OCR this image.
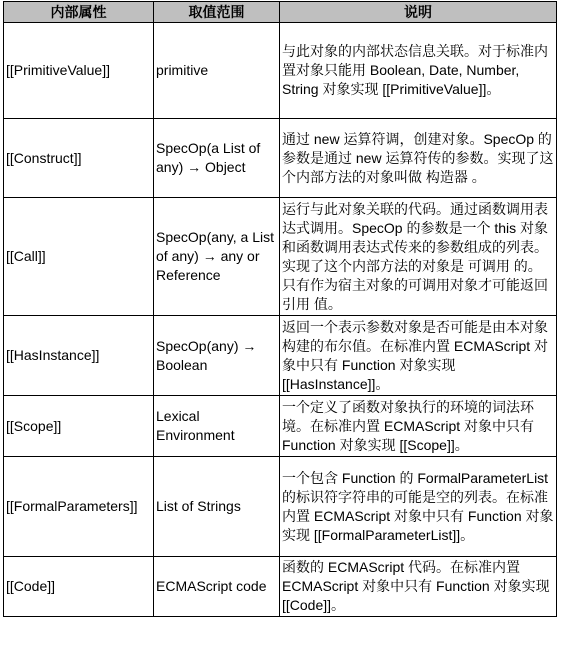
内部属性	取值范围	说明
[[PrimitiveValue]]	primitive	与此对象的内部状态信息关联。对于标准内置对象只能用 Boolean, Date, Number, String 对象实现 [[PrimitiveValue]]。
[[Construct]]	SpecOp(a List of any) → Object	通过 new 运算符调，创建对象。SpecOp 的参数是通过 new 运算符传的参数。实现了这个内部方法的对象叫做 构造器 。
[[Call]]	SpecOp(any, a List of any) → any or Reference	运行与此对象关联的代码。通过函数调用表达式调用。SpecOp 的参数是一个 this 对象和函数调用表达式传来的参数组成的列表。实现了这个内部方法的对象是 可调用 的。只有作为宿主对象的可调用对象才可能返回 引用 值。
[[HasInstance]]	SpecOp(any) → Boolean	返回一个表示参数对象是否可能是由本对象构建的布尔值。在标准内置 ECMAScript 对象中只有 Function 对象实现 [[HasInstance]]。
[[Scope]]	Lexical Environment	一个定义了函数对象执行的环境的词法环境。在标准内置 ECMAScript 对象中只有 Function 对象实现 [[Scope]]。
[[FormalParameters]]	List of Strings	一个包含 Function 的 FormalParameterList 的标识符字符串的可能是空的列表。在标准内置 ECMAScript 对象中只有 Function 对象实现 [[FormalParameterList]]。
[[Code]]	ECMAScript code	函数的 ECMAScript 代码。在标准内置 ECMAScript 对象中只有 Function 对象实现 [[Code]]。
